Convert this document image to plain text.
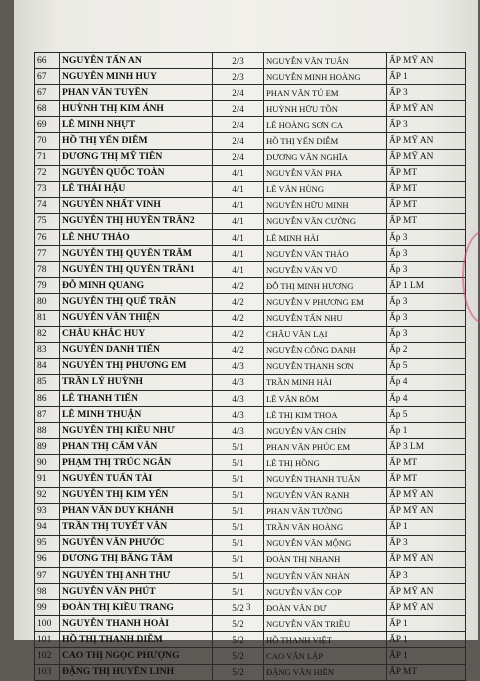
66	NGUYỄN TẤN AN	2/3	NGUYỄN VĂN TUẤN	ẤP MỸ AN
67	NGUYỄN MINH HUY	2/3	NGUYỄN MINH HOÀNG	ẤP 1
67	PHAN VĂN TUYỀN	2/4	PHAN VĂN TÚ EM	ẤP 3
68	HUỲNH THỊ KIM ÁNH	2/4	HUỲNH HỮU TỒN	ẤP MỸ AN
69	LÊ MINH NHỰT	2/4	LÊ HOÀNG SƠN CA	ẤP 3
70	HỒ THỊ YẾN DIỄM	2/4	HỒ THỊ YẾN DIỄM	ẤP MỸ AN
71	DƯƠNG THỊ MỸ TIÊN	2/4	DƯƠNG VĂN NGHĨA	ẤP MỸ AN
72	NGUYỄN QUỐC TOÀN	4/1	NGUYỄN VĂN PHA	ẤP MT
73	LÊ THÁI HẬU	4/1	LÊ VĂN HÙNG	ẤP MT
74	NGUYỄN NHẤT VINH	4/1	NGUYỄN HỮU MINH	ẤP MT
75	NGUYỄN THỊ HUYỀN TRÂN2	4/1	NGUYỄN VĂN CƯỜNG	ẤP MT
76	LÊ NHƯ THẢO	4/1	LÊ MINH HẢI	Ấp 3
77	NGUYỄN THỊ QUYÊN TRÂM	4/1	NGUYỄN VĂN THẢO	Ấp 3
78	NGUYỄN THỊ QUYÊN TRÂN1	4/1	NGUYỄN VĂN VŨ	Ấp 3
79	ĐỖ MINH QUANG	4/2	ĐỖ THỊ MINH HƯƠNG	ẤP 1 LM
80	NGUYỄN THỊ QUẾ TRÂN	4/2	NGUYỄN V PHƯƠNG EM	Ấp 3
81	NGUYỄN VĂN THIỆN	4/2	NGUYỄN TẤN NHU	Ấp 3
82	CHÂU KHẮC HUY	4/2	CHÂU VĂN LẠI	Ấp 3
83	NGUYỄN DANH TIẾN	4/2	NGUYỄN CÔNG DANH	Ấp 2
84	NGUYỄN THỊ PHƯƠNG EM	4/3	NGUYỄN THANH SƠN	Ấp 5
85	TRẦN LÝ HUỲNH	4/3	TRẦN MINH HẢI	Ấp 4
86	LÊ THANH TIẾN	4/3	LÊ VĂN RÕM	Ấp 4
87	LÊ MINH THUẬN	4/3	LÊ THỊ KIM THOA	Ấp 5
88	NGUYỄN THỊ KIỀU NHƯ	4/3	NGUYỄN VĂN CHÍN	Ấp 1
89	PHAN THỊ CẨM VÂN	5/1	PHAN VĂN PHÚC EM	ẤP 3 LM
90	PHẠM THỊ TRÚC NGÂN	5/1	LÊ THỊ HỒNG	ẤP MT
91	NGUYỄN TUẤN TÀI	5/1	NGUYỄN THANH TUẤN	ẤP MT
92	NGUYỄN THỊ KIM YẾN	5/1	NGUYỄN VĂN RẠNH	ẤP MỸ AN
93	PHAN VĂN DUY KHÁNH	5/1	PHAN VĂN TƯỜNG	ẤP MỸ AN
94	TRẦN THỊ TUYẾT VÂN	5/1	TRẦN VĂN HOÀNG	ẤP 1
95	NGUYỄN VĂN PHƯỚC	5/1	NGUYỄN VĂN MỘNG	ẤP 3
96	DƯƠNG THỊ BĂNG TÂM	5/1	ĐOÀN THỊ NHANH	ẤP MỸ AN
97	NGUYỄN THỊ ANH THƯ	5/1	NGUYỄN VĂN NHÀN	ẤP 3
98	NGUYỄN VĂN PHÚT	5/1	NGUYỄN VĂN CỌP	ẤP MỸ AN
99	ĐOÀN THỊ KIỀU TRANG	5/2	ĐOÀN VĂN DƯ	ẤP MỸ AN
100	NGUYỄN THANH HOÀI	5/2	NGUYỄN VĂN TRIỀU	ẤP 1
101	HỒ THỊ THANH DIỄM	5/2	HỒ THANH VIỆT	ẤP 1
102	CAO THỊ NGỌC PHƯỢNG	5/2	CAO VĂN LẬP	ẤP 1
103	ĐẶNG THỊ HUYỀN LINH	5/2	ĐẶNG VĂN HIỀN	ẤP MT
3
